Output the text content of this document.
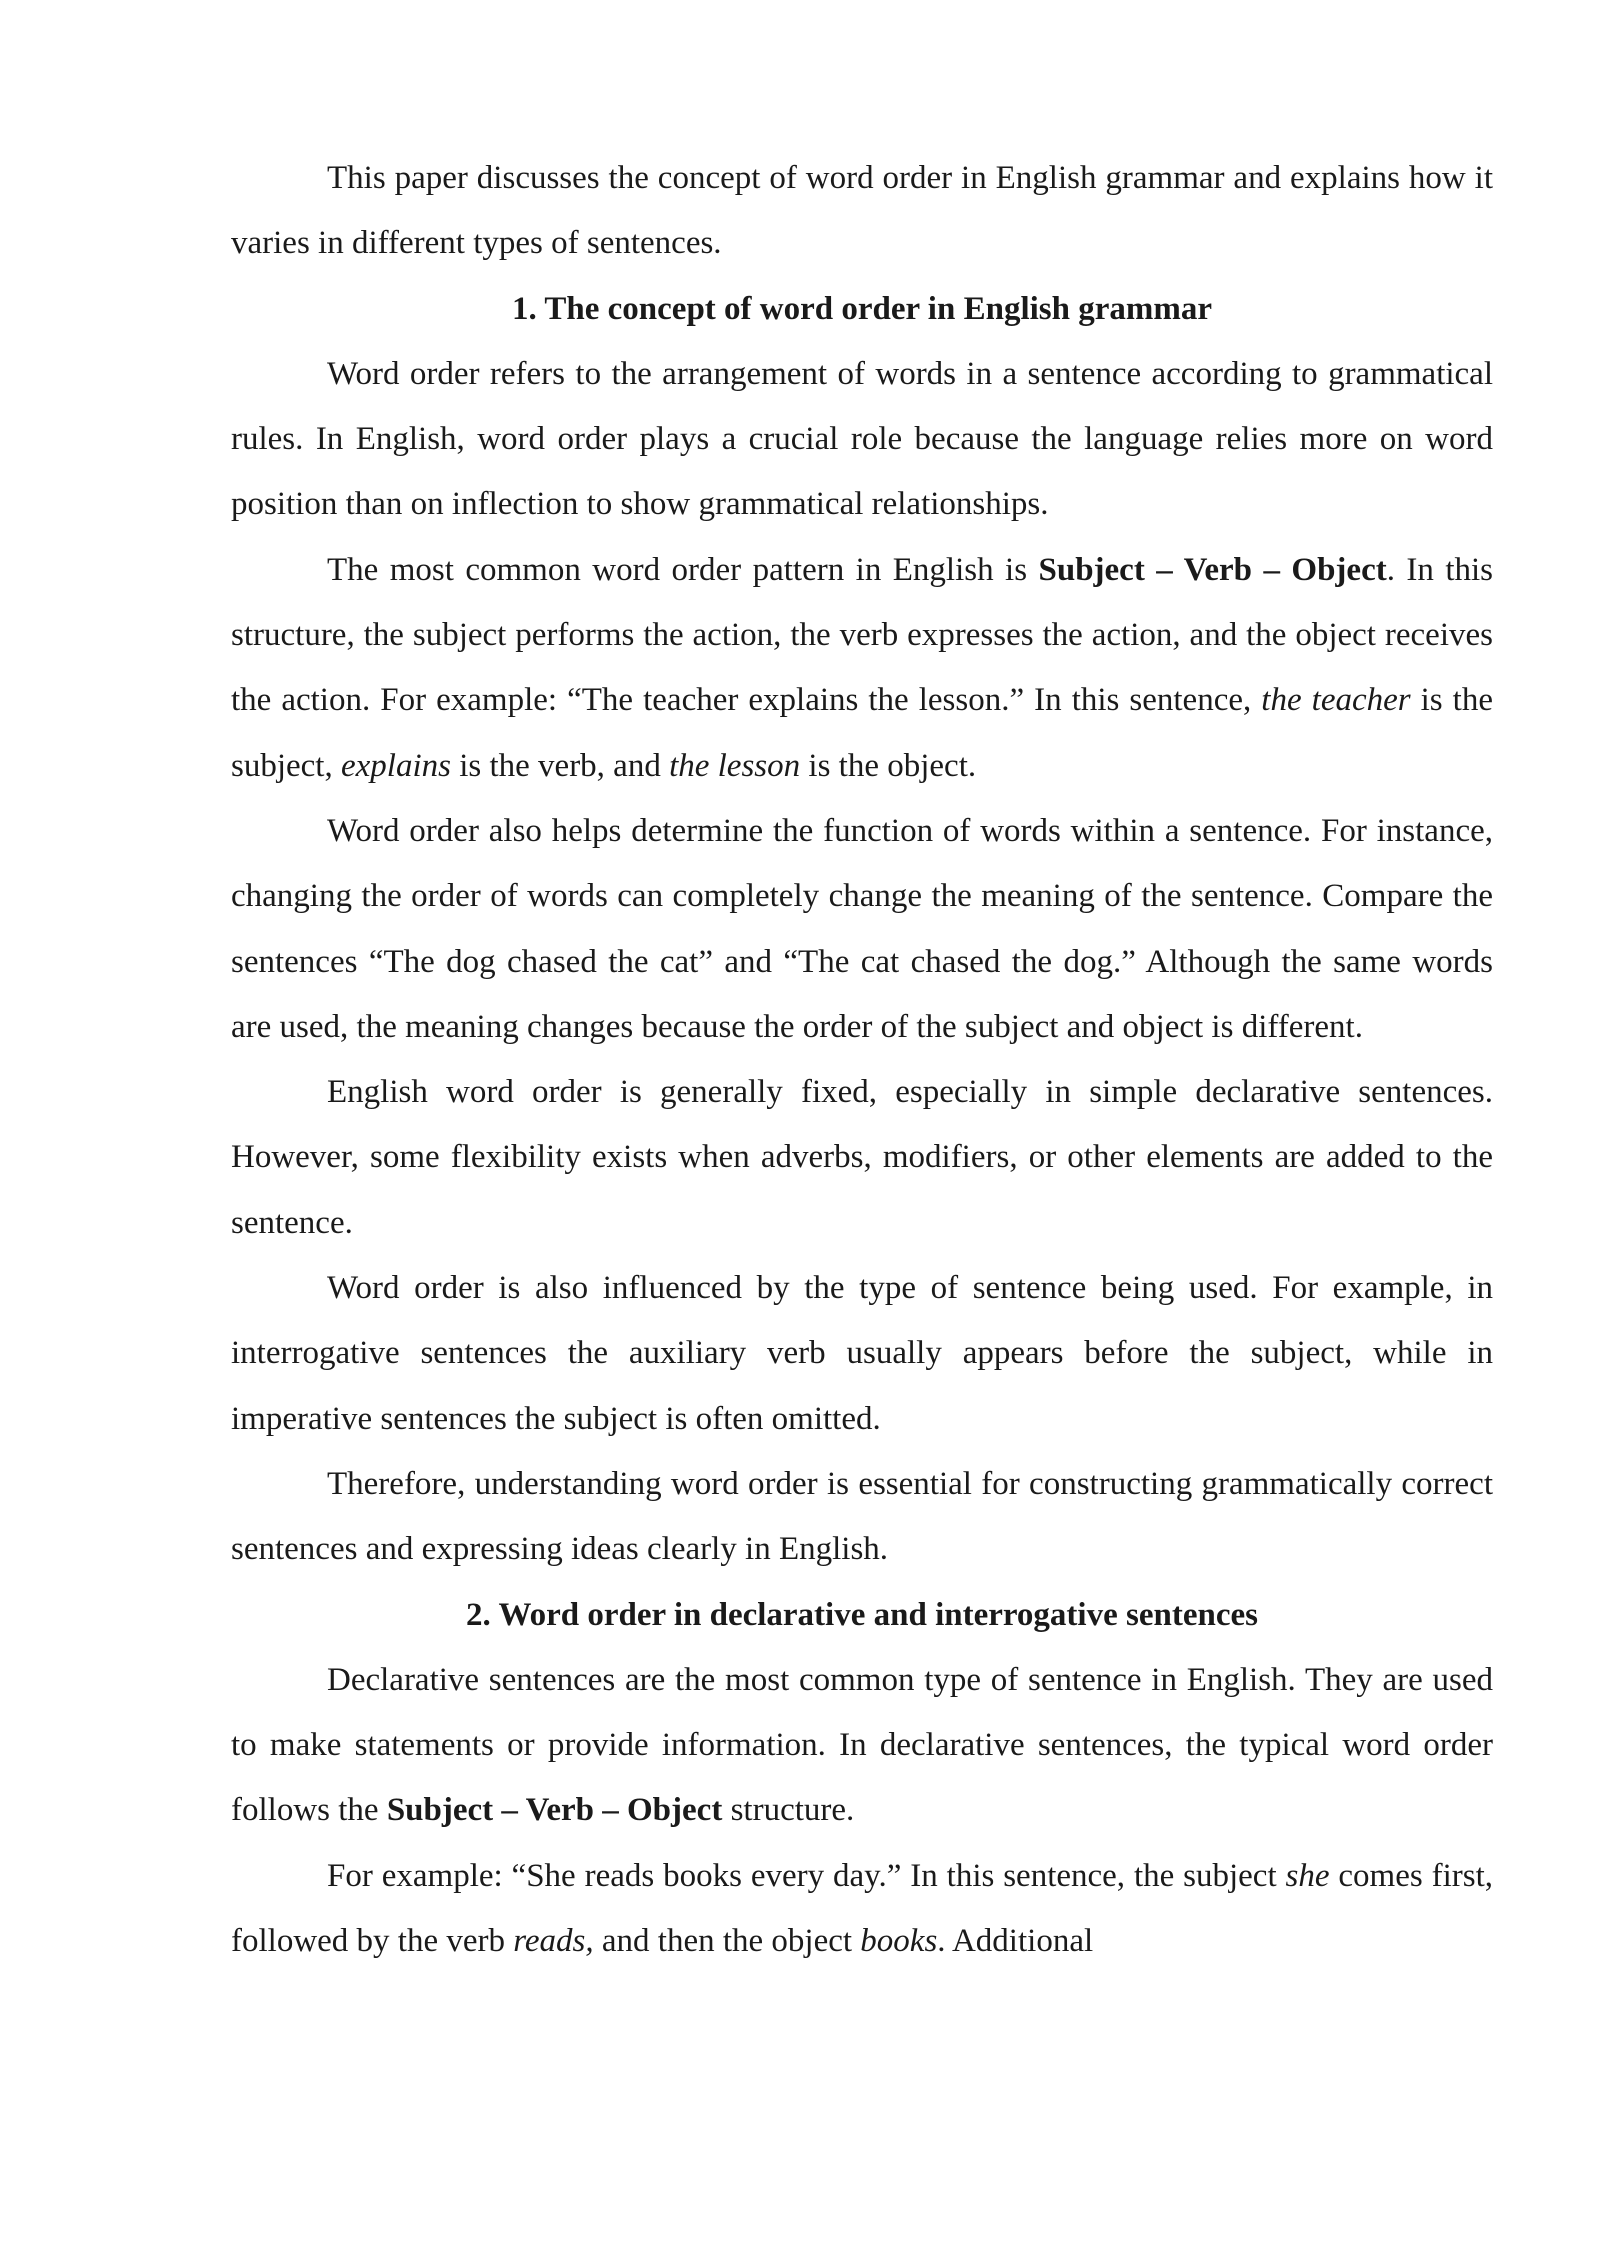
This paper discusses the concept of word order in English grammar and explains how it varies in different types of sentences.

1. The concept of word order in English grammar

Word order refers to the arrangement of words in a sentence according to grammatical rules. In English, word order plays a crucial role because the language relies more on word position than on inflection to show grammatical relationships.

The most common word order pattern in English is Subject – Verb – Object. In this structure, the subject performs the action, the verb expresses the action, and the object receives the action. For example: “The teacher explains the lesson.” In this sentence, the teacher is the subject, explains is the verb, and the lesson is the object.

Word order also helps determine the function of words within a sentence. For instance, changing the order of words can completely change the meaning of the sentence. Compare the sentences “The dog chased the cat” and “The cat chased the dog.” Although the same words are used, the meaning changes because the order of the subject and object is different.

English word order is generally fixed, especially in simple declarative sentences. However, some flexibility exists when adverbs, modifiers, or other elements are added to the sentence.

Word order is also influenced by the type of sentence being used. For example, in interrogative sentences the auxiliary verb usually appears before the subject, while in imperative sentences the subject is often omitted.

Therefore, understanding word order is essential for constructing grammatically correct sentences and expressing ideas clearly in English.

2. Word order in declarative and interrogative sentences

Declarative sentences are the most common type of sentence in English. They are used to make statements or provide information. In declarative sentences, the typical word order follows the Subject – Verb – Object structure.

For example: “She reads books every day.” In this sentence, the subject she comes first, followed by the verb reads, and then the object books. Additional
